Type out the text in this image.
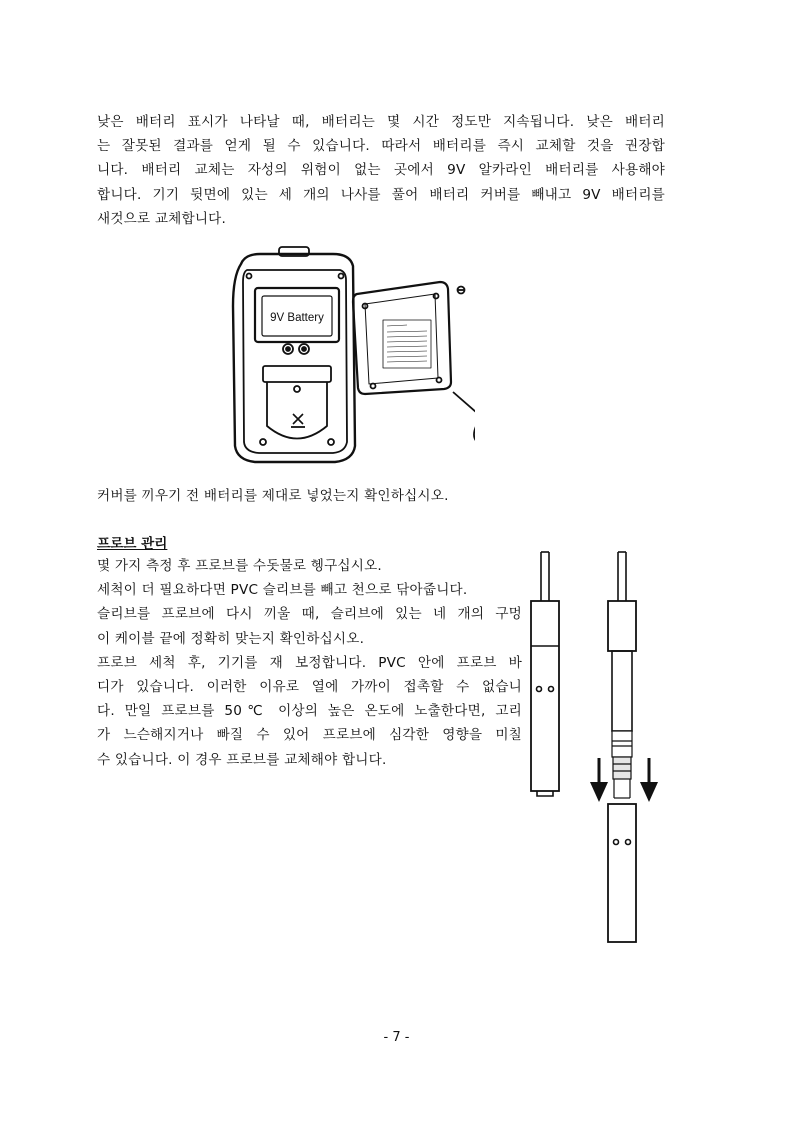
낮은 배터리 표시가 나타날 때, 배터리는 몇 시간 정도만 지속됩니다. 낮은 배터리
는 잘못된 결과를 얻게 될 수 있습니다. 따라서 배터리를 즉시 교체할 것을 권장합
니다. 배터리 교체는 자성의 위험이 없는 곳에서 9V 알카라인 배터리를 사용해야
합니다. 기기 뒷면에 있는 세 개의 나사를 풀어 배터리 커버를 빼내고 9V 배터리를
새것으로 교체합니다.
9V Battery

커버를 끼우기 전 배터리를 제대로 넣었는지 확인하십시오.

프로브 관리
몇 가지 측정 후 프로브를 수돗물로 헹구십시오.
세척이 더 필요하다면 PVC 슬리브를 빼고 천으로 닦아줍니다.
슬리브를 프로브에 다시 끼울 때, 슬리브에 있는 네 개의 구멍
이 케이블 끝에 정확히 맞는지 확인하십시오.
프로브 세척 후, 기기를 재 보정합니다. PVC 안에 프로브 바
디가 있습니다. 이러한 이유로 열에 가까이 접촉할 수 없습니
다. 만일 프로브를 50℃ 이상의 높은 온도에 노출한다면, 고리
가 느슨해지거나 빠질 수 있어 프로브에 심각한 영향을 미칠
수 있습니다. 이 경우 프로브를 교체해야 합니다.

- 7 -
